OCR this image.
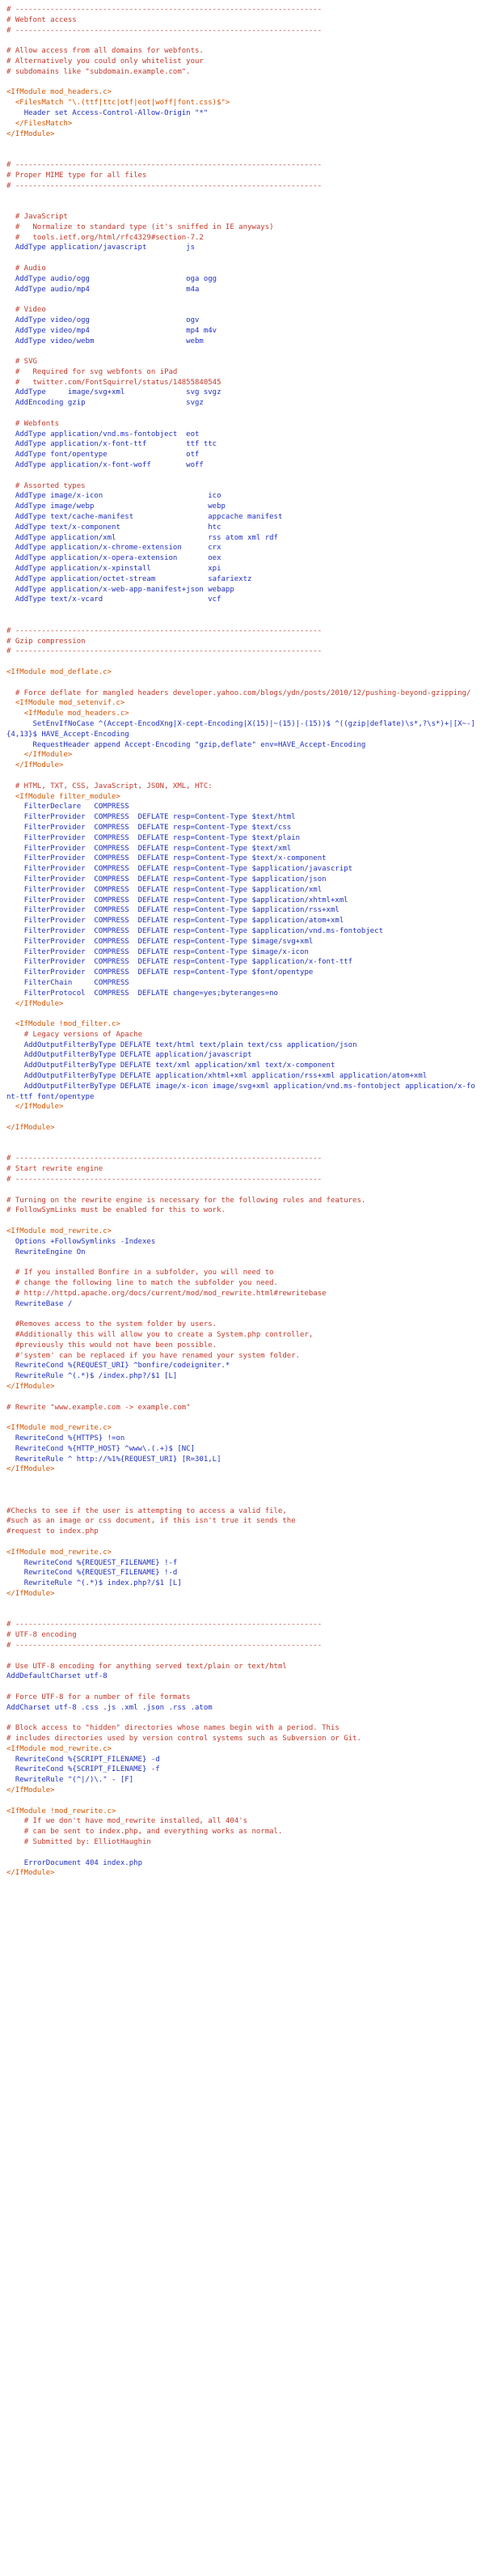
# ----------------------------------------------------------------------
# Webfont access
# ----------------------------------------------------------------------
# Allow access from all domains for webfonts.
# Alternatively you could only whitelist your
# subdomains like "subdomain.example.com".
<IfModule mod_headers.c>
<FilesMatch "\.(ttf|ttc|otf|eot|woff|font.css)$">
Header set Access-Control-Allow-Origin "*"
</FilesMatch>
</IfModule>
# ----------------------------------------------------------------------
# Proper MIME type for all files
# ----------------------------------------------------------------------
# JavaScript
#   Normalize to standard type (it's sniffed in IE anyways)
#   tools.ietf.org/html/rfc4329#section-7.2
AddType application/javascript         js
# Audio
AddType audio/ogg                      oga ogg
AddType audio/mp4                      m4a
# Video
AddType video/ogg                      ogv
AddType video/mp4                      mp4 m4v
AddType video/webm                     webm
# SVG
#   Required for svg webfonts on iPad
#   twitter.com/FontSquirrel/status/14855840545
AddType     image/svg+xml              svg svgz
AddEncoding gzip                       svgz
# Webfonts
AddType application/vnd.ms-fontobject  eot
AddType application/x-font-ttf         ttf ttc
AddType font/opentype                  otf
AddType application/x-font-woff        woff
# Assorted types
AddType image/x-icon                        ico
AddType image/webp                          webp
AddType text/cache-manifest                 appcache manifest
AddType text/x-component                    htc
AddType application/xml                     rss atom xml rdf
AddType application/x-chrome-extension      crx
AddType application/x-opera-extension       oex
AddType application/x-xpinstall             xpi
AddType application/octet-stream            safariextz
AddType application/x-web-app-manifest+json webapp
AddType text/x-vcard                        vcf
# ----------------------------------------------------------------------
# Gzip compression
# ----------------------------------------------------------------------
<IfModule mod_deflate.c>
# Force deflate for mangled headers developer.yahoo.com/blogs/ydn/posts/2010/12/pushing-beyond-gzipping/
<IfModule mod_setenvif.c>
<IfModule mod_headers.c>
SetEnvIfNoCase ^(Accept-EncodXng|X-cept-Encoding|X(15)|~(15)|-(15))$ ^((gzip|deflate)\s*,?\s*)+|[X~-]{4,13}$ HAVE_Accept-Encoding
RequestHeader append Accept-Encoding "gzip,deflate" env=HAVE_Accept-Encoding
</IfModule>
</IfModule>
# HTML, TXT, CSS, JavaScript, JSON, XML, HTC:
<IfModule filter_module>
FilterDeclare   COMPRESS
FilterProvider  COMPRESS  DEFLATE resp=Content-Type $text/html
FilterProvider  COMPRESS  DEFLATE resp=Content-Type $text/css
FilterProvider  COMPRESS  DEFLATE resp=Content-Type $text/plain
FilterProvider  COMPRESS  DEFLATE resp=Content-Type $text/xml
FilterProvider  COMPRESS  DEFLATE resp=Content-Type $text/x-component
FilterProvider  COMPRESS  DEFLATE resp=Content-Type $application/javascript
FilterProvider  COMPRESS  DEFLATE resp=Content-Type $application/json
FilterProvider  COMPRESS  DEFLATE resp=Content-Type $application/xml
FilterProvider  COMPRESS  DEFLATE resp=Content-Type $application/xhtml+xml
FilterProvider  COMPRESS  DEFLATE resp=Content-Type $application/rss+xml
FilterProvider  COMPRESS  DEFLATE resp=Content-Type $application/atom+xml
FilterProvider  COMPRESS  DEFLATE resp=Content-Type $application/vnd.ms-fontobject
FilterProvider  COMPRESS  DEFLATE resp=Content-Type $image/svg+xml
FilterProvider  COMPRESS  DEFLATE resp=Content-Type $image/x-icon
FilterProvider  COMPRESS  DEFLATE resp=Content-Type $application/x-font-ttf
FilterProvider  COMPRESS  DEFLATE resp=Content-Type $font/opentype
FilterChain     COMPRESS
FilterProtocol  COMPRESS  DEFLATE change=yes;byteranges=no
</IfModule>
<IfModule !mod_filter.c>
# Legacy versions of Apache
AddOutputFilterByType DEFLATE text/html text/plain text/css application/json
AddOutputFilterByType DEFLATE application/javascript
AddOutputFilterByType DEFLATE text/xml application/xml text/x-component
AddOutputFilterByType DEFLATE application/xhtml+xml application/rss+xml application/atom+xml
AddOutputFilterByType DEFLATE image/x-icon image/svg+xml application/vnd.ms-fontobject application/x-font-ttf font/opentype
</IfModule>
</IfModule>
# ----------------------------------------------------------------------
# Start rewrite engine
# ----------------------------------------------------------------------
# Turning on the rewrite engine is necessary for the following rules and features.
# FollowSymLinks must be enabled for this to work.
<IfModule mod_rewrite.c>
Options +FollowSymlinks -Indexes
RewriteEngine On
# If you installed Bonfire in a subfolder, you will need to
# change the following line to match the subfolder you need.
# http://httpd.apache.org/docs/current/mod/mod_rewrite.html#rewritebase
RewriteBase /
#Removes access to the system folder by users.
#Additionally this will allow you to create a System.php controller,
#previously this would not have been possible.
#'system' can be replaced if you have renamed your system folder.
RewriteCond %{REQUEST_URI} ^bonfire/codeigniter.*
RewriteRule ^(.*)$ /index.php?/$1 [L]
</IfModule>
# Rewrite "www.example.com -> example.com"
<IfModule mod_rewrite.c>
RewriteCond %{HTTPS} !=on
RewriteCond %{HTTP_HOST} ^www\.(.+)$ [NC]
RewriteRule ^ http://%1%{REQUEST_URI} [R=301,L]
</IfModule>
#Checks to see if the user is attempting to access a valid file,
#such as an image or css document, if this isn't true it sends the
#request to index.php
<IfModule mod_rewrite.c>
RewriteCond %{REQUEST_FILENAME} !-f
RewriteCond %{REQUEST_FILENAME} !-d
RewriteRule ^(.*)$ index.php?/$1 [L]
</IfModule>
# ----------------------------------------------------------------------
# UTF-8 encoding
# ----------------------------------------------------------------------
# Use UTF-8 encoding for anything served text/plain or text/html
AddDefaultCharset utf-8
# Force UTF-8 for a number of file formats
AddCharset utf-8 .css .js .xml .json .rss .atom
# Block access to "hidden" directories whose names begin with a period. This
# includes directories used by version control systems such as Subversion or Git.
<IfModule mod_rewrite.c>
RewriteCond %{SCRIPT_FILENAME} -d
RewriteCond %{SCRIPT_FILENAME} -f
RewriteRule "(^|/)\." - [F]
</IfModule>
<IfModule !mod_rewrite.c>
# If we don't have mod_rewrite installed, all 404's
# can be sent to index.php, and everything works as normal.
# Submitted by: ElliotHaughin
ErrorDocument 404 index.php
</IfModule>
